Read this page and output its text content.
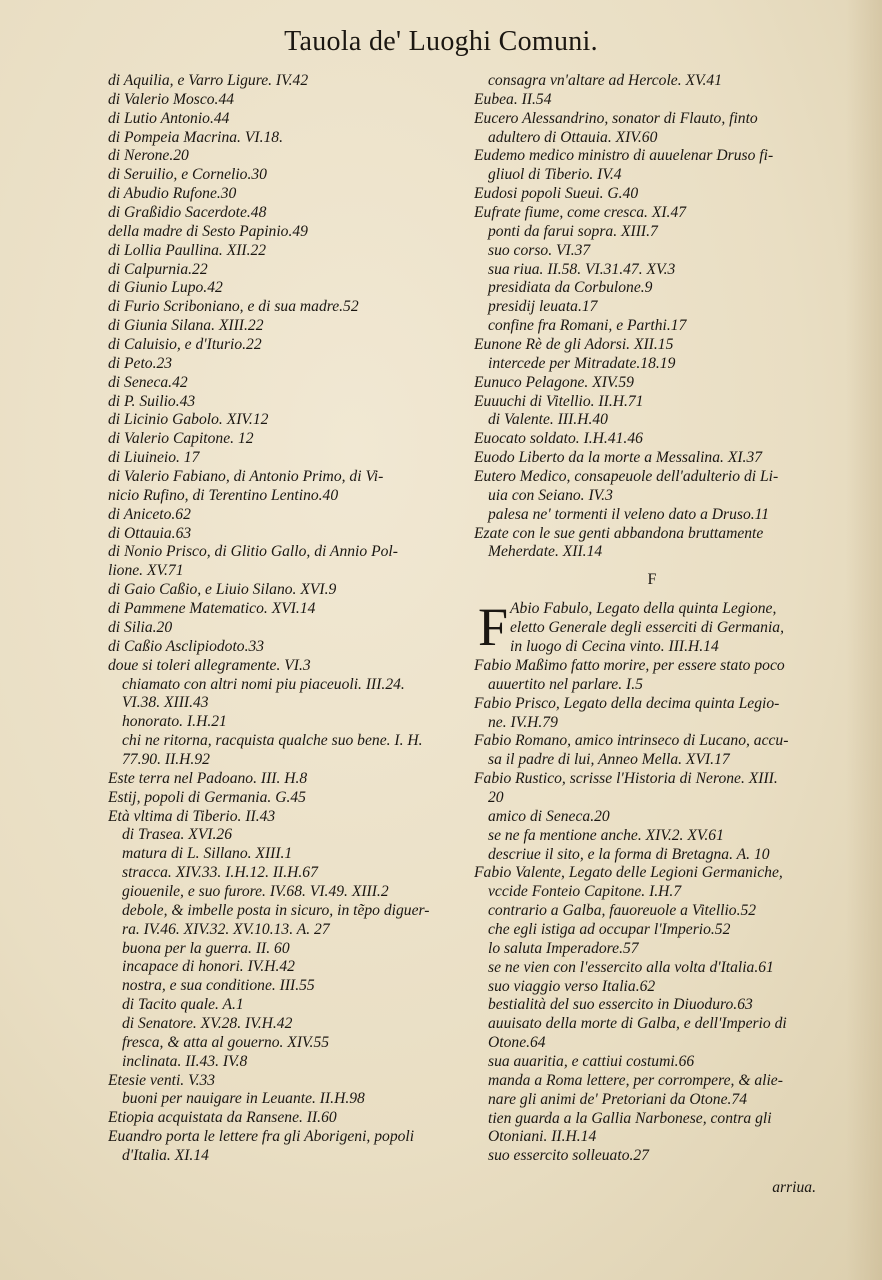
Tauola de' Luoghi Comuni.
di Aquilia, e Varro Ligure. IV.42
di Valerio Mosco.44
di Lutio Antonio.44
di Pompeia Macrina. VI.18.
di Nerone.20
di Seruilio, e Cornelio.30
di Abudio Rufone.30
di Graßidio Sacerdote.48
della madre di Sesto Papinio.49
di Lollia Paullina. XII.22
di Calpurnia.22
di Giunio Lupo.42
di Furio Scriboniano, e di sua madre.52
di Giunia Silana. XIII.22
di Caluisio, e d'Iturio.22
di Peto.23
di Seneca.42
di P. Suilio.43
di Licinio Gabolo. XIV.12
di Valerio Capitone. 12
di Liuineio. 17
di Valerio Fabiano, di Antonio Primo, di Vi-
nicio Rufino, di Terentino Lentino.40
di Aniceto.62
di Ottauia.63
di Nonio Prisco, di Glitio Gallo, di Annio Pol-
lione. XV.71
di Gaio Caßio, e Liuio Silano. XVI.9
di Pammene Matematico. XVI.14
di Silia.20
di Caßio Asclipiodoto.33
doue si toleri allegramente. VI.3
chiamato con altri nomi piu piaceuoli. III.24.
VI.38. XIII.43
honorato. I.H.21
chi ne ritorna, racquista qualche suo bene. I. H.
77.90. II.H.92
Este terra nel Padoano. III. H.8
Estij, popoli di Germania. G.45
Età vltima di Tiberio. II.43
di Trasea. XVI.26
matura di L. Sillano. XIII.1
stracca. XIV.33. I.H.12. II.H.67
giouenile, e suo furore. IV.68. VI.49. XIII.2
debole, & imbelle posta in sicuro, in tẽpo diguer-
ra. IV.46. XIV.32. XV.10.13. A. 27
buona per la guerra. II. 60
incapace di honori. IV.H.42
nostra, e sua conditione. III.55
di Tacito quale. A.1
di Senatore. XV.28. IV.H.42
fresca, & atta al gouerno. XIV.55
inclinata. II.43. IV.8
Etesie venti. V.33
buoni per nauigare in Leuante. II.H.98
Etiopia acquistata da Ransene. II.60
Euandro porta le lettere fra gli Aborigeni, popoli
d'Italia. XI.14
consagra vn'altare ad Hercole. XV.41
Eubea. II.54
Eucero Alessandrino, sonator di Flauto, finto
adultero di Ottauia. XIV.60
Eudemo medico ministro di auuelenar Druso fi-
gliuol di Tiberio. IV.4
Eudosi popoli Sueui. G.40
Eufrate fiume, come cresca. XI.47
ponti da farui sopra. XIII.7
suo corso. VI.37
sua riua. II.58. VI.31.47. XV.3
presidiata da Corbulone.9
presidij leuata.17
confine fra Romani, e Parthi.17
Eunone Rè de gli Adorsi. XII.15
intercede per Mitradate.18.19
Eunuco Pelagone. XIV.59
Euuuchi di Vitellio. II.H.71
di Valente. III.H.40
Euocato soldato. I.H.41.46
Euodo Liberto da la morte a Messalina. XI.37
Eutero Medico, consapeuole dell'adulterio di Li-
uia con Seiano. IV.3
palesa ne' tormenti il veleno dato a Druso.11
Ezate con le sue genti abbandona bruttamente
Meherdate. XII.14
F
F Abio Fabulo, Legato della quinta Legione,
eletto Generale degli esserciti di Germania,
in luogo di Cecina vinto. III.H.14
Fabio Maßimo fatto morire, per essere stato poco
auuertito nel parlare. I.5
Fabio Prisco, Legato della decima quinta Legio-
ne. IV.H.79
Fabio Romano, amico intrinseco di Lucano, accu-
sa il padre di lui, Anneo Mella. XVI.17
Fabio Rustico, scrisse l'Historia di Nerone. XIII.
20
amico di Seneca.20
se ne fa mentione anche. XIV.2. XV.61
descriue il sito, e la forma di Bretagna. A. 10
Fabio Valente, Legato delle Legioni Germaniche,
vccide Fonteio Capitone. I.H.7
contrario a Galba, fauoreuole a Vitellio.52
che egli istiga ad occupar l'Imperio.52
lo saluta Imperadore.57
se ne vien con l'essercito alla volta d'Italia.61
suo viaggio verso Italia.62
bestialità del suo essercito in Diuoduro.63
auuisato della morte di Galba, e dell'Imperio di
Otone.64
sua auaritia, e cattiui costumi.66
manda a Roma lettere, per corrompere, & alie-
nare gli animi de' Pretoriani da Otone.74
tien guarda a la Gallia Narbonese, contra gli
Otoniani. II.H.14
suo essercito solleuato.27
arriua.
